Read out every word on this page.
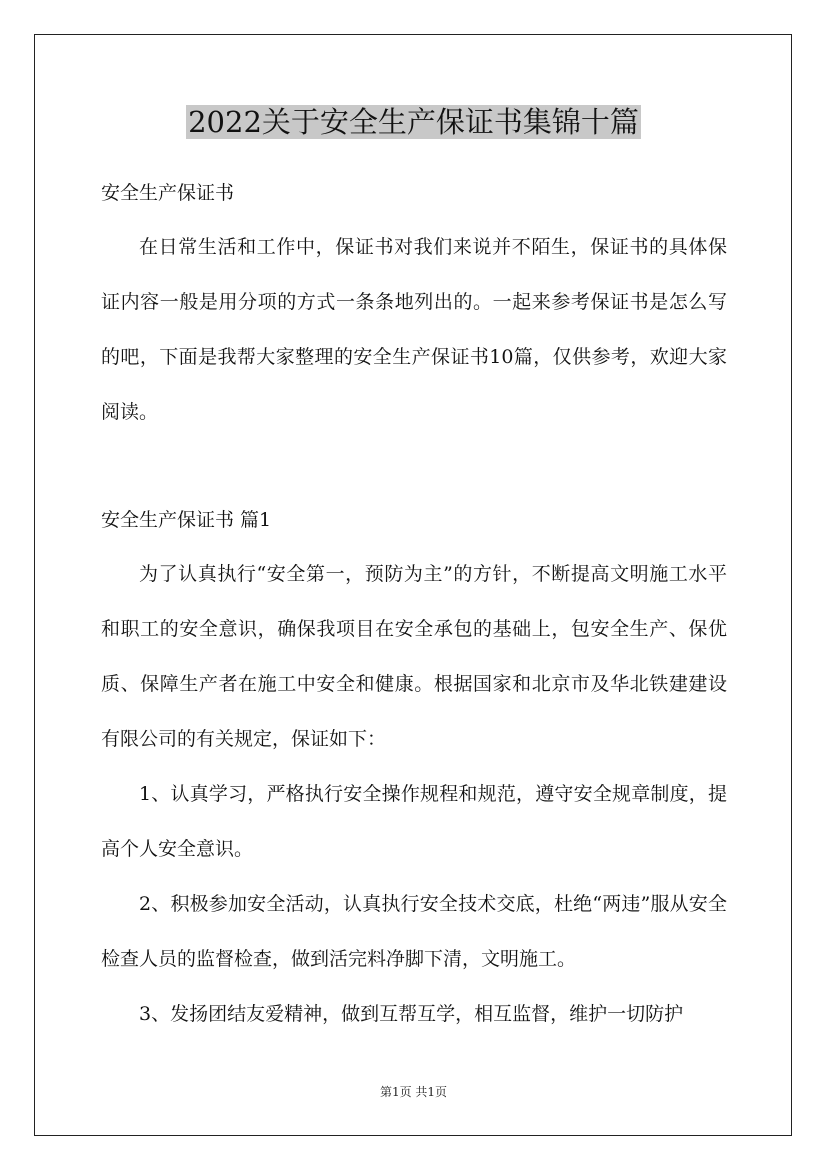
2022关于安全生产保证书集锦十篇

安全生产保证书

在日常生活和工作中，保证书对我们来说并不陌生，保证书的具体保证内容一般是用分项的方式一条条地列出的。一起来参考保证书是怎么写的吧，下面是我帮大家整理的安全生产保证书10篇，仅供参考，欢迎大家阅读。

安全生产保证书 篇1

为了认真执行“安全第一，预防为主”的方针，不断提高文明施工水平和职工的安全意识，确保我项目在安全承包的基础上，包安全生产、保优质、保障生产者在施工中安全和健康。根据国家和北京市及华北铁建建设有限公司的有关规定，保证如下：

1、认真学习，严格执行安全操作规程和规范，遵守安全规章制度，提高个人安全意识。

2、积极参加安全活动，认真执行安全技术交底，杜绝“两违”服从安全检查人员的监督检查，做到活完料净脚下清，文明施工。

3、发扬团结友爱精神，做到互帮互学，相互监督，维护一切防护

第1页 共1页
